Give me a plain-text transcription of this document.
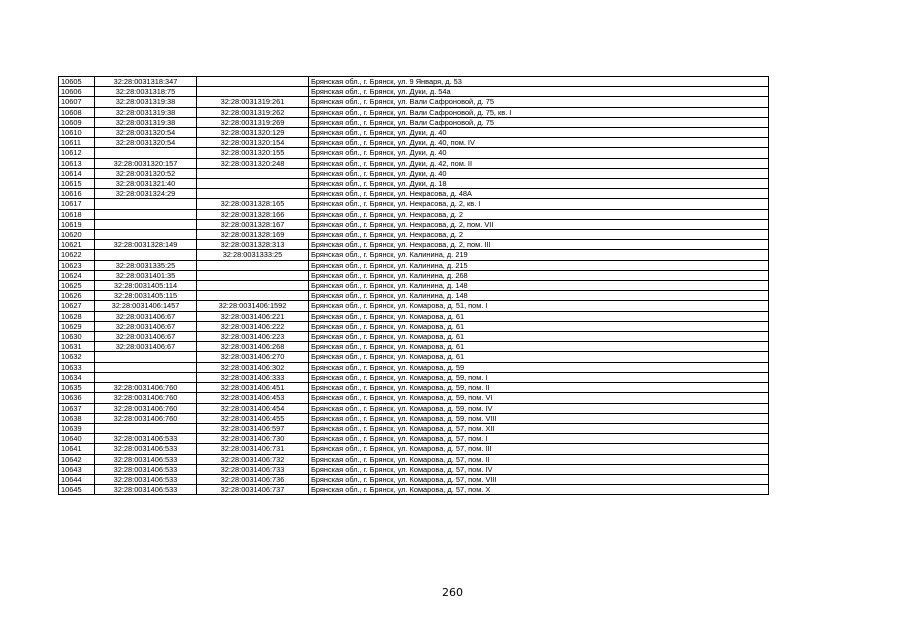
10605	32:28:0031318:347		Брянская обл., г. Брянск, ул. 9 Января, д. 53
10606	32:28:0031318:75		Брянская обл., г. Брянск, ул. Дуки, д. 54а
10607	32:28:0031319:38	32:28:0031319:261	Брянская обл., г. Брянск, ул. Вали Сафроновой, д. 75
10608	32:28:0031319:38	32:28:0031319:262	Брянская обл., г. Брянск, ул. Вали Сафроновой, д. 75, кв. I
10609	32:28:0031319:38	32:28:0031319:269	Брянская обл., г. Брянск, ул. Вали Сафроновой, д. 75
10610	32:28:0031320:54	32:28:0031320:129	Брянская обл., г. Брянск, ул. Дуки, д. 40
10611	32:28:0031320:54	32:28:0031320:154	Брянская обл., г. Брянск, ул. Дуки, д. 40, пом. IV
10612		32:28:0031320:155	Брянская обл., г. Брянск, ул. Дуки, д. 40
10613	32:28:0031320:157	32:28:0031320:248	Брянская обл., г. Брянск, ул. Дуки, д. 42, пом. II
10614	32:28:0031320:52		Брянская обл., г. Брянск, ул. Дуки, д. 40
10615	32:28:0031321:40		Брянская обл., г. Брянск, ул. Дуки, д. 18
10616	32:28:0031324:29		Брянская обл., г. Брянск, ул. Некрасова, д. 48А
10617		32:28:0031328:165	Брянская обл., г. Брянск, ул. Некрасова, д. 2, кв. I
10618		32:28:0031328:166	Брянская обл., г. Брянск, ул. Некрасова, д. 2
10619		32:28:0031328:167	Брянская обл., г. Брянск, ул. Некрасова, д. 2, пом. VII
10620		32:28:0031328:169	Брянская обл., г. Брянск, ул. Некрасова, д. 2
10621	32:28:0031328:149	32:28:0031328:313	Брянская обл., г. Брянск, ул. Некрасова, д. 2, пом. III
10622		32:28:0031333:25	Брянская обл., г. Брянск, ул. Калинина, д. 219
10623	32:28:0031335:25		Брянская обл., г. Брянск, ул. Калинина, д. 215
10624	32:28:0031401:35		Брянская обл., г. Брянск, ул. Калинина, д. 268
10625	32:28:0031405:114		Брянская обл., г. Брянск, ул. Калинина, д. 148
10626	32:28:0031405:115		Брянская обл., г. Брянск, ул. Калинина, д. 148
10627	32:28:0031406:1457	32:28:0031406:1592	Брянская обл., г. Брянск, ул. Комарова, д. 51, пом. I
10628	32:28:0031406:67	32:28:0031406:221	Брянская обл., г. Брянск, ул. Комарова, д. 61
10629	32:28:0031406:67	32:28:0031406:222	Брянская обл., г. Брянск, ул. Комарова, д. 61
10630	32:28:0031406:67	32:28:0031406:223	Брянская обл., г. Брянск, ул. Комарова, д. 61
10631	32:28:0031406:67	32:28:0031406:268	Брянская обл., г. Брянск, ул. Комарова, д. 61
10632		32:28:0031406:270	Брянская обл., г. Брянск, ул. Комарова, д. 61
10633		32:28:0031406:302	Брянская обл., г. Брянск, ул. Комарова, д. 59
10634		32:28:0031406:333	Брянская обл., г. Брянск, ул. Комарова, д. 59, пом. I
10635	32:28:0031406:760	32:28:0031406:451	Брянская обл., г. Брянск, ул. Комарова, д. 59, пом. II
10636	32:28:0031406:760	32:28:0031406:453	Брянская обл., г. Брянск, ул. Комарова, д. 59, пом. VI
10637	32:28:0031406:760	32:28:0031406:454	Брянская обл., г. Брянск, ул. Комарова, д. 59, пом. IV
10638	32:28:0031406:760	32:28:0031406:455	Брянская обл., г. Брянск, ул. Комарова, д. 59, пом. VIII
10639		32:28:0031406:597	Брянская обл., г. Брянск, ул. Комарова, д. 57, пом. XII
10640	32:28:0031406:533	32:28:0031406:730	Брянская обл., г. Брянск, ул. Комарова, д. 57, пом. I
10641	32:28:0031406:533	32:28:0031406:731	Брянская обл., г. Брянск, ул. Комарова, д. 57, пом. III
10642	32:28:0031406:533	32:28:0031406:732	Брянская обл., г. Брянск, ул. Комарова, д. 57, пом. II
10643	32:28:0031406:533	32:28:0031406:733	Брянская обл., г. Брянск, ул. Комарова, д. 57, пом. IV
10644	32:28:0031406:533	32:28:0031406:736	Брянская обл., г. Брянск, ул. Комарова, д. 57, пом. VIII
10645	32:28:0031406:533	32:28:0031406:737	Брянская обл., г. Брянск, ул. Комарова, д. 57, пом. X
260
